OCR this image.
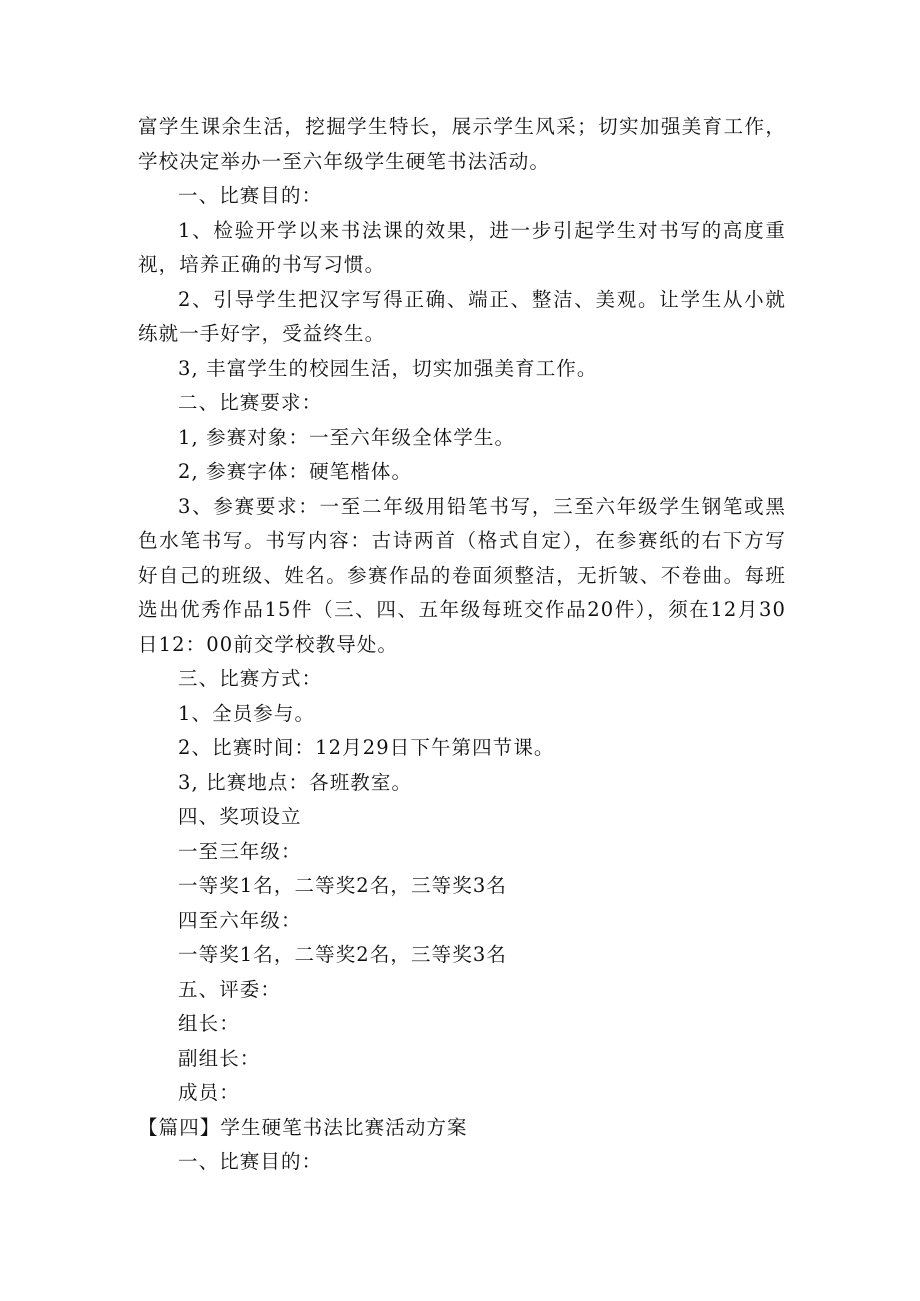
富学生课余生活，挖掘学生特长，展示学生风采；切实加强美育工作，学校决定举办一至六年级学生硬笔书法活动。
一、比赛目的：
1、检验开学以来书法课的效果，进一步引起学生对书写的高度重视，培养正确的书写习惯。
2、引导学生把汉字写得正确、端正、整洁、美观。让学生从小就练就一手好字，受益终生。
3, 丰富学生的校园生活，切实加强美育工作。
二、比赛要求：
1, 参赛对象：一至六年级全体学生。
2, 参赛字体：硬笔楷体。
3、参赛要求：一至二年级用铅笔书写，三至六年级学生钢笔或黑色水笔书写。书写内容：古诗两首（格式自定），在参赛纸的右下方写好自己的班级、姓名。参赛作品的卷面须整洁，无折皱、不卷曲。每班选出优秀作品15件（三、四、五年级每班交作品20件），须在12月30日12：00前交学校教导处。
三、比赛方式：
1、全员参与。
2、比赛时间：12月29日下午第四节课。
3, 比赛地点：各班教室。
四、奖项设立
一至三年级：
一等奖1名，二等奖2名，三等奖3名
四至六年级：
一等奖1名，二等奖2名，三等奖3名
五、评委：
组长：
副组长：
成员：
【篇四】学生硬笔书法比赛活动方案
一、比赛目的：
